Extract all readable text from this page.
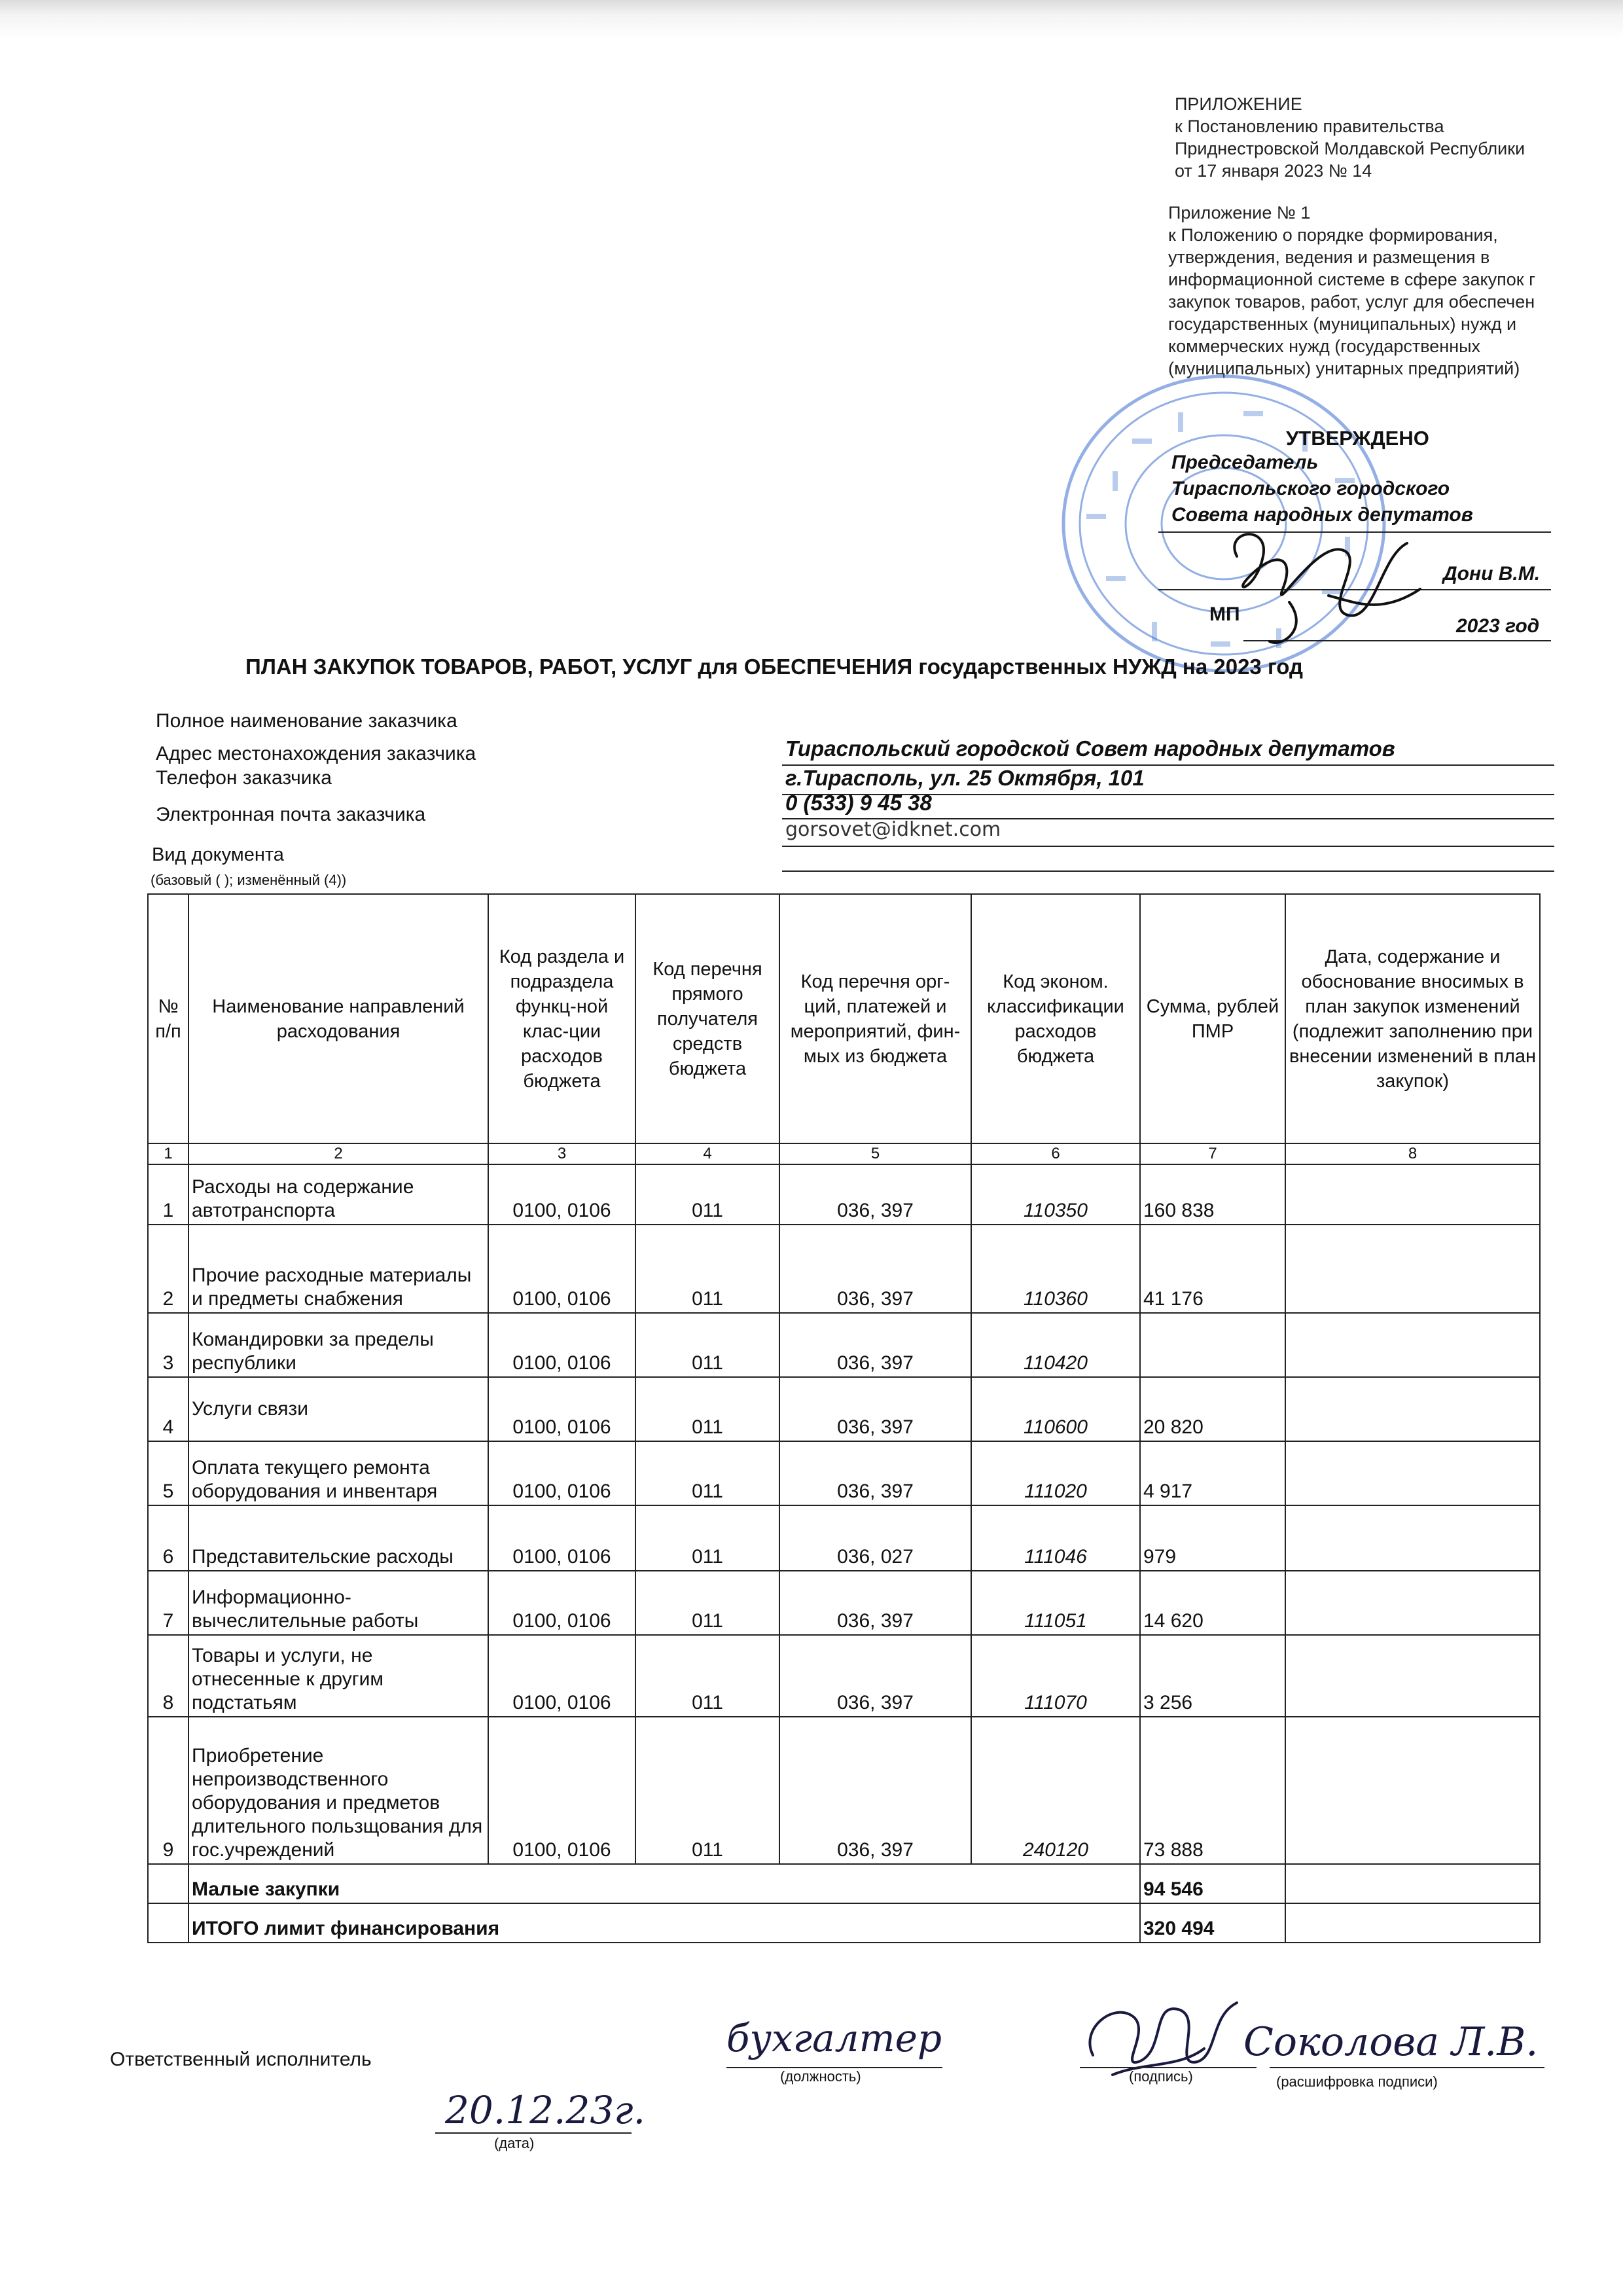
ПРИЛОЖЕНИЕ
к Постановлению правительства
Приднестровской Молдавской Республики
от 17 января 2023 № 14
Приложение № 1
к Положению о порядке формирования,
утверждения, ведения и размещения в
информационной системе в сфере закупок г
закупок товаров, работ, услуг для обеспечен
государственных (муниципальных) нужд и
коммерческих нужд (государственных
(муниципальных) унитарных предприятий)
УТВЕРЖДЕНО
Председатель
Тираспольского городского
Совета народных депутатов
Дони В.М.
МП
2023 год
ПЛАН ЗАКУПОК ТОВАРОВ, РАБОТ, УСЛУГ для ОБЕСПЕЧЕНИЯ государственных НУЖД на 2023 год
Полное наименование заказчика
Адрес местонахождения заказчика
Телефон заказчика
Электронная почта заказчика
Тираспольский городской Совет народных депутатов
г.Тирасполь, ул. 25 Октября, 101
0 (533) 9 45 38
gorsovet@idknet.com
Вид документа
(базовый ( ); изменённый (4))
№ п/п	Наименование направлений расходования	Код раздела и подраздела функц-ной клас-ции расходов бюджета	Код перечня прямого получателя средств бюджета	Код перечня орг-ций, платежей и мероприятий, фин-мых из бюджета	Код эконом. классификации расходов бюджета	Сумма, рублей ПМР	Дата, содержание и обоснование вносимых в план закупок изменений (подлежит заполнению при внесении изменений в план закупок)
1	2	3	4	5	6	7	8
1	Расходы на содержание автотранспорта	0100, 0106	011	036, 397	110350	160 838	
2	Прочие расходные материалы и предметы снабжения	0100, 0106	011	036, 397	110360	41 176	
3	Командировки за пределы республики	0100, 0106	011	036, 397	110420		
4	Услуги связи	0100, 0106	011	036, 397	110600	20 820	
5	Оплата текущего ремонта оборудования и инвентаря	0100, 0106	011	036, 397	111020	4 917	
6	Представительские расходы	0100, 0106	011	036, 027	111046	979	
7	Информационно-вычеслительные работы	0100, 0106	011	036, 397	111051	14 620	
8	Товары и услуги, не отнесенные к другим подстатьям	0100, 0106	011	036, 397	111070	3 256	
9	Приобретение непроизводственного оборудования и предметов длительного пользщования для гос.учреждений	0100, 0106	011	036, 397	240120	73 888	
	Малые закупки					94 546	
	ИТОГО лимит финансирования					320 494	
Ответственный исполнитель	бухгалтер
(должность)	(подпись)
Соколова Л.В.
(расшифровка подписи)
20.12.23г.
(дата)
